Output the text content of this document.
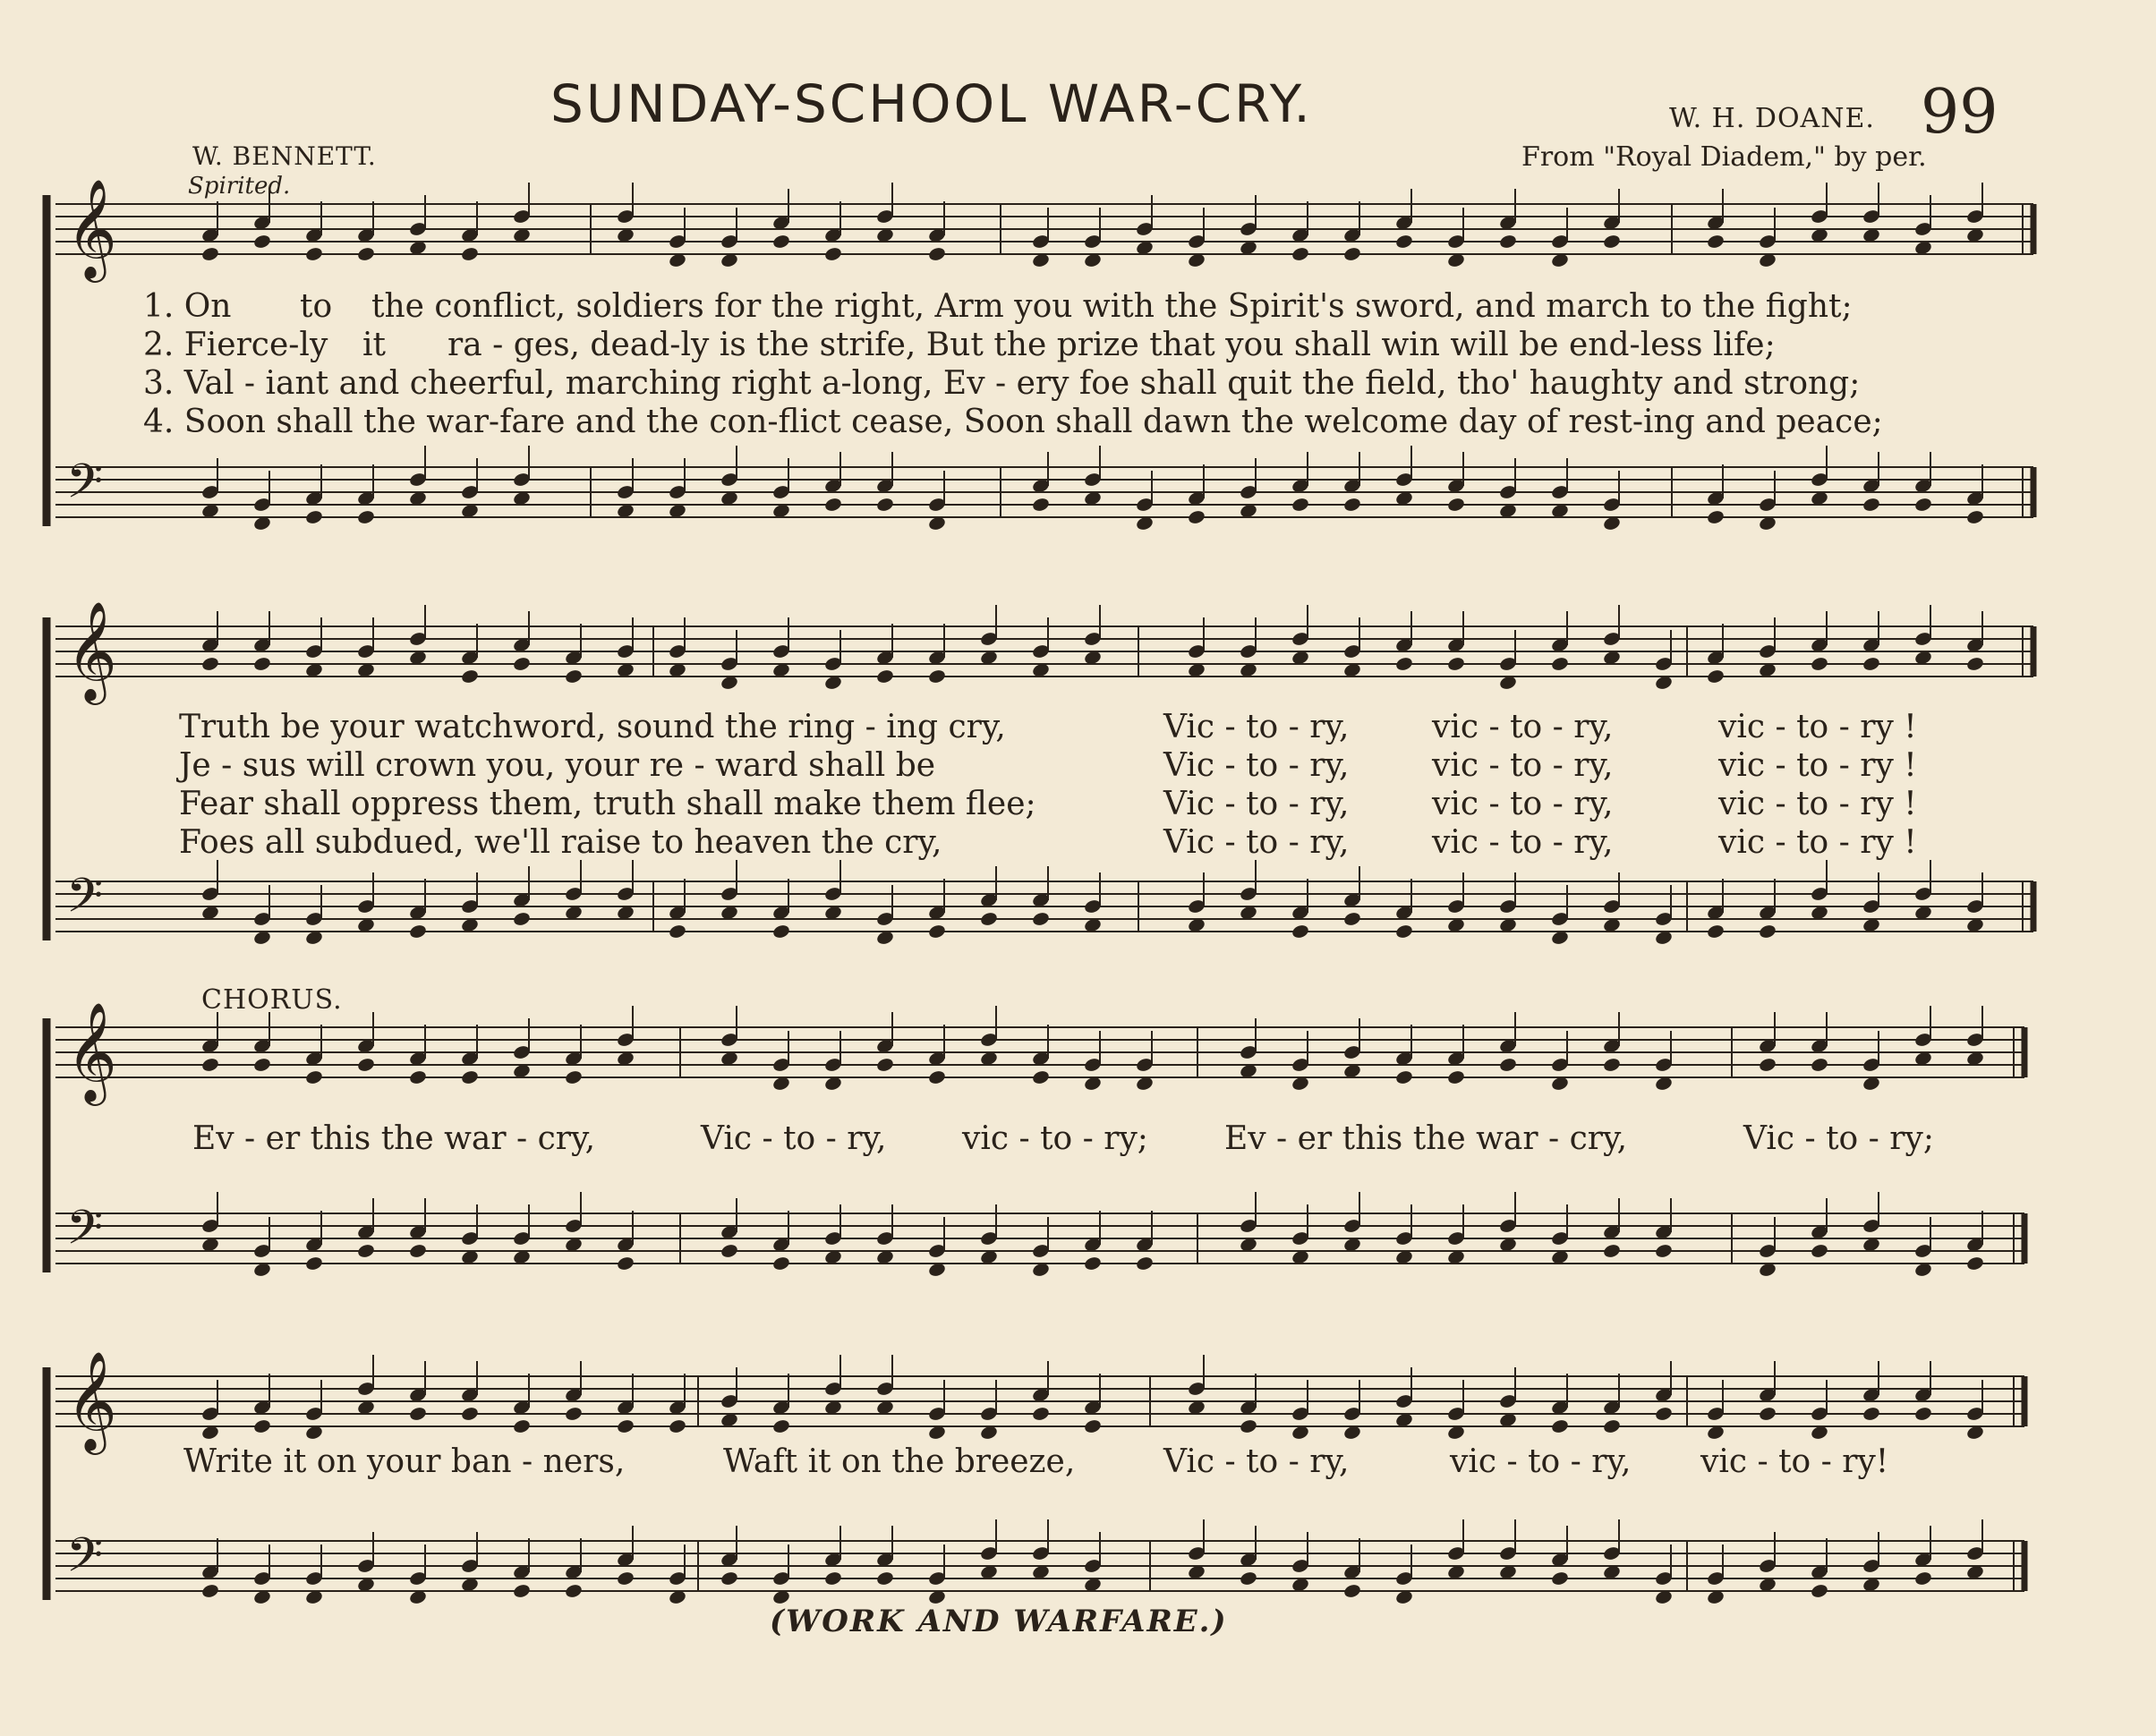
SUNDAY-SCHOOL WAR-CRY.	W. H. DOANE. 99
W. BENNETT.	From "Royal Diadem," by per.
Spirited.
𝄞
𝄢
𝄞
𝄢
𝄞
𝄢
𝄞
𝄢
1. On to the conflict, soldiers for the right, Arm you with the Spirit's sword, and march to the fight;
2. Fierce-ly it ra - ges, dead-ly is the strife, But the prize that you shall win will be end-less life;
3. Val - iant and cheerful, marching right a-long, Ev - ery foe shall quit the field, tho' haughty and strong;
4. Soon shall the war-fare and the con-flict cease, Soon shall dawn the welcome day of rest-ing and peace;
Truth be your watchword, sound the ring - ing cry,	Vic - to - ry,	vic - to - ry,	vic - to - ry !
Je - sus will crown you, your re - ward shall be	Vic - to - ry,	vic - to - ry,	vic - to - ry !
Fear shall oppress them, truth shall make them flee;	Vic - to - ry,	vic - to - ry,	vic - to - ry !
Foes all subdued, we'll raise to heaven the cry,	Vic - to - ry,	vic - to - ry,	vic - to - ry !
CHORUS.
Ev - er this the war - cry,	Vic - to - ry, vic - to - ry; Ev - er this the war - cry,	Vic - to - ry;
Write it on your ban - ners,	Waft it on the breeze,	Vic - to - ry,	vic - to - ry, vic - to - ry!
(WORK AND WARFARE.)
